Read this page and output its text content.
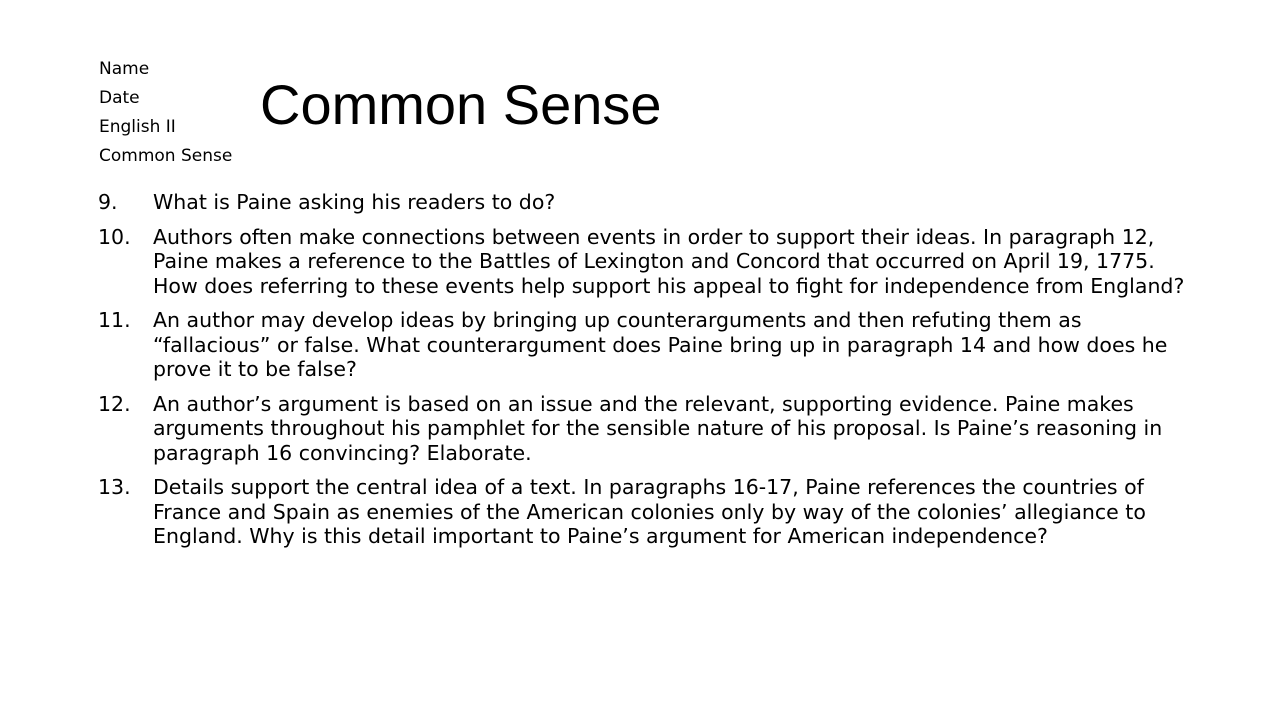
Name
Date
English II
Common Sense
Common Sense
9. What is Paine asking his readers to do?
10. Authors often make connections between events in order to support their ideas. In paragraph 12, Paine makes a reference to the Battles of Lexington and Concord that occurred on April 19, 1775. How does referring to these events help support his appeal to fight for independence from England?
11. An author may develop ideas by bringing up counterarguments and then refuting them as “fallacious” or false. What counterargument does Paine bring up in paragraph 14 and how does he prove it to be false?
12. An author’s argument is based on an issue and the relevant, supporting evidence. Paine makes arguments throughout his pamphlet for the sensible nature of his proposal. Is Paine’s reasoning in paragraph 16 convincing? Elaborate.
13. Details support the central idea of a text. In paragraphs 16-17, Paine references the countries of France and Spain as enemies of the American colonies only by way of the colonies’ allegiance to England. Why is this detail important to Paine’s argument for American independence?
